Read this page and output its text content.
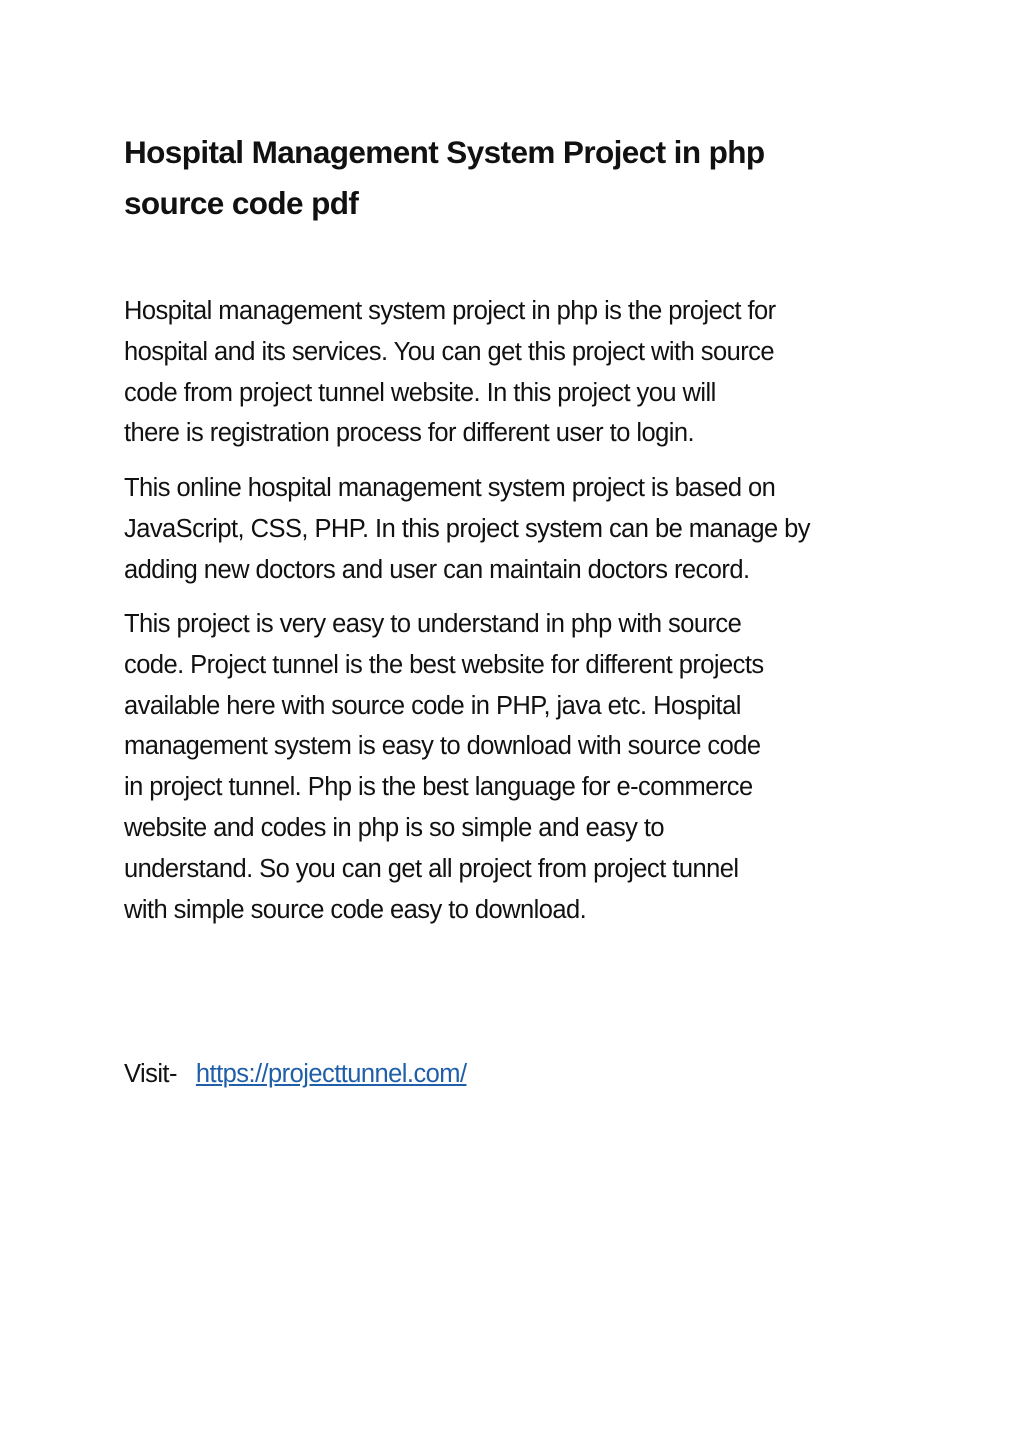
Hospital Management System Project in php
source code pdf

Hospital management system project in php is the project for
hospital and its services. You can get this project with source
code from project tunnel website. In this project you will
there is registration process for different user to login.

This online hospital management system project is based on
JavaScript, CSS, PHP. In this project system can be manage by
adding new doctors and user can maintain doctors record.

This project is very easy to understand in php with source
code. Project tunnel is the best website for different projects
available here with source code in PHP, java etc. Hospital
management system is easy to download with source code
in project tunnel. Php is the best language for e-commerce
website and codes in php is so simple and easy to
understand. So you can get all project from project tunnel
with simple source code easy to download.

Visit- https://projecttunnel.com/
